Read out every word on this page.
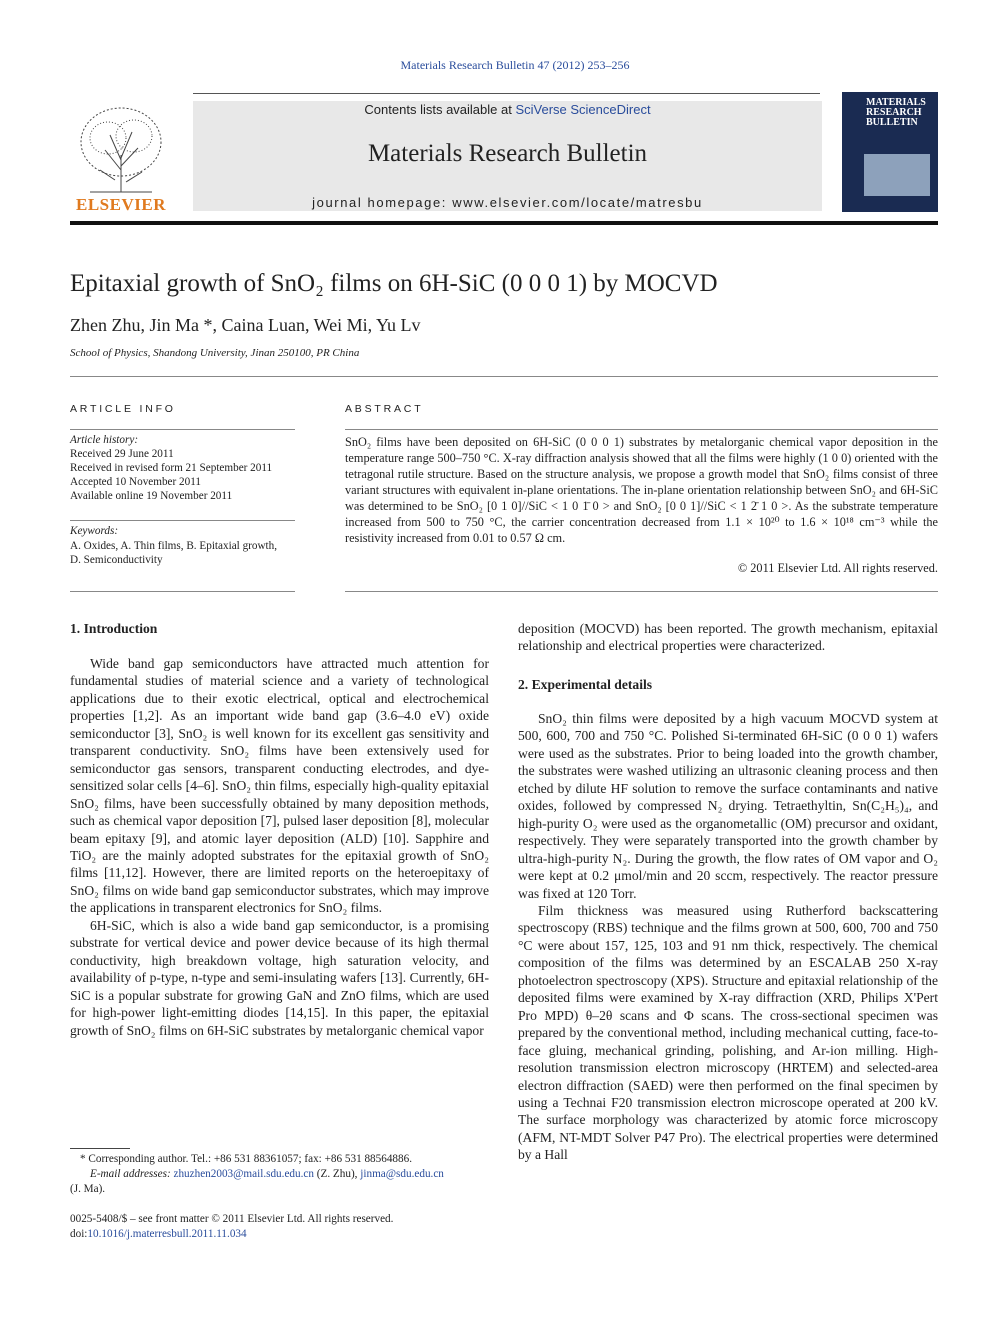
Materials Research Bulletin 47 (2012) 253–256
Contents lists available at SciVerse ScienceDirect
Materials Research Bulletin
journal homepage: www.elsevier.com/locate/matresbu
ELSEVIER
MATERIALS
RESEARCH
BULLETIN
Epitaxial growth of SnO₂ films on 6H-SiC (0 0 0 1) by MOCVD
Zhen Zhu, Jin Ma *, Caina Luan, Wei Mi, Yu Lv
School of Physics, Shandong University, Jinan 250100, PR China
ARTICLE INFO	ABSTRACT
Article history:
Received 29 June 2011
Received in revised form 21 September 2011
Accepted 10 November 2011
Available online 19 November 2011
Keywords:
A. Oxides, A. Thin films, B. Epitaxial growth,
D. Semiconductivity
SnO₂ films have been deposited on 6H-SiC (0 0 0 1) substrates by metalorganic chemical vapor deposition in the temperature range 500–750 °C. X-ray diffraction analysis showed that all the films were highly (1 0 0) oriented with the tetragonal rutile structure. Based on the structure analysis, we propose a growth model that SnO₂ films consist of three variant structures with equivalent in-plane orientations. The in-plane orientation relationship between SnO₂ and 6H-SiC was determined to be SnO₂ [0 1 0]//SiC < 1 0 1̄ 0 > and SnO₂ [0 0 1]//SiC < 1 2̄ 1 0 >. As the substrate temperature increased from 500 to 750 °C, the carrier concentration decreased from 1.1 × 10²⁰ to 1.6 × 10¹⁸ cm⁻³ while the resistivity increased from 0.01 to 0.57 Ω cm.
© 2011 Elsevier Ltd. All rights reserved.
1. Introduction

Wide band gap semiconductors have attracted much attention for fundamental studies of material science and a variety of technological applications due to their exotic electrical, optical and electrochemical properties [1,2]. As an important wide band gap (3.6–4.0 eV) oxide semiconductor [3], SnO₂ is well known for its excellent gas sensitivity and transparent conductivity. SnO₂ films have been extensively used for semiconductor gas sensors, transparent conducting electrodes, and dye-sensitized solar cells [4–6]. SnO₂ thin films, especially high-quality epitaxial SnO₂ films, have been successfully obtained by many deposition methods, such as chemical vapor deposition [7], pulsed laser deposition [8], molecular beam epitaxy [9], and atomic layer deposition (ALD) [10]. Sapphire and TiO₂ are the mainly adopted substrates for the epitaxial growth of SnO₂ films [11,12]. However, there are limited reports on the heteroepitaxy of SnO₂ films on wide band gap semiconductor substrates, which may improve the applications in transparent electronics for SnO₂ films.

6H-SiC, which is also a wide band gap semiconductor, is a promising substrate for vertical device and power device because of its high thermal conductivity, high breakdown voltage, high saturation velocity, and availability of p-type, n-type and semi-insulating wafers [13]. Currently, 6H-SiC is a popular substrate for growing GaN and ZnO films, which are used for high-power light-emitting diodes [14,15]. In this paper, the epitaxial growth of SnO₂ films on 6H-SiC substrates by metalorganic chemical vapor

deposition (MOCVD) has been reported. The growth mechanism, epitaxial relationship and electrical properties were characterized.

2. Experimental details

SnO₂ thin films were deposited by a high vacuum MOCVD system at 500, 600, 700 and 750 °C. Polished Si-terminated 6H-SiC (0 0 0 1) wafers were used as the substrates. Prior to being loaded into the growth chamber, the substrates were washed utilizing an ultrasonic cleaning process and then etched by dilute HF solution to remove the surface contaminants and native oxides, followed by compressed N₂ drying. Tetraethyltin, Sn(C₂H₅)₄, and high-purity O₂ were used as the organometallic (OM) precursor and oxidant, respectively. They were separately transported into the growth chamber by ultra-high-purity N₂. During the growth, the flow rates of OM vapor and O₂ were kept at 0.2 μmol/min and 20 sccm, respectively. The reactor pressure was fixed at 120 Torr.

Film thickness was measured using Rutherford backscattering spectroscopy (RBS) technique and the films grown at 500, 600, 700 and 750 °C were about 157, 125, 103 and 91 nm thick, respectively. The chemical composition of the films was determined by an ESCALAB 250 X-ray photoelectron spectroscopy (XPS). Structure and epitaxial relationship of the deposited films were examined by X-ray diffraction (XRD, Philips X'Pert Pro MPD) θ–2θ scans and Φ scans. The cross-sectional specimen was prepared by the conventional method, including mechanical cutting, face-to-face gluing, mechanical grinding, polishing, and Ar-ion milling. High-resolution transmission electron microscopy (HRTEM) and selected-area electron diffraction (SAED) were then performed on the final specimen by using a Technai F20 transmission electron microscope operated at 200 kV. The surface morphology was characterized by atomic force microscopy (AFM, NT-MDT Solver P47 Pro). The electrical properties were determined by a Hall

* Corresponding author. Tel.: +86 531 88361057; fax: +86 531 88564886.
E-mail addresses: zhuzhen2003@mail.sdu.edu.cn (Z. Zhu), jinma@sdu.edu.cn
(J. Ma).
0025-5408/$ – see front matter © 2011 Elsevier Ltd. All rights reserved.
doi:10.1016/j.materresbull.2011.11.034
